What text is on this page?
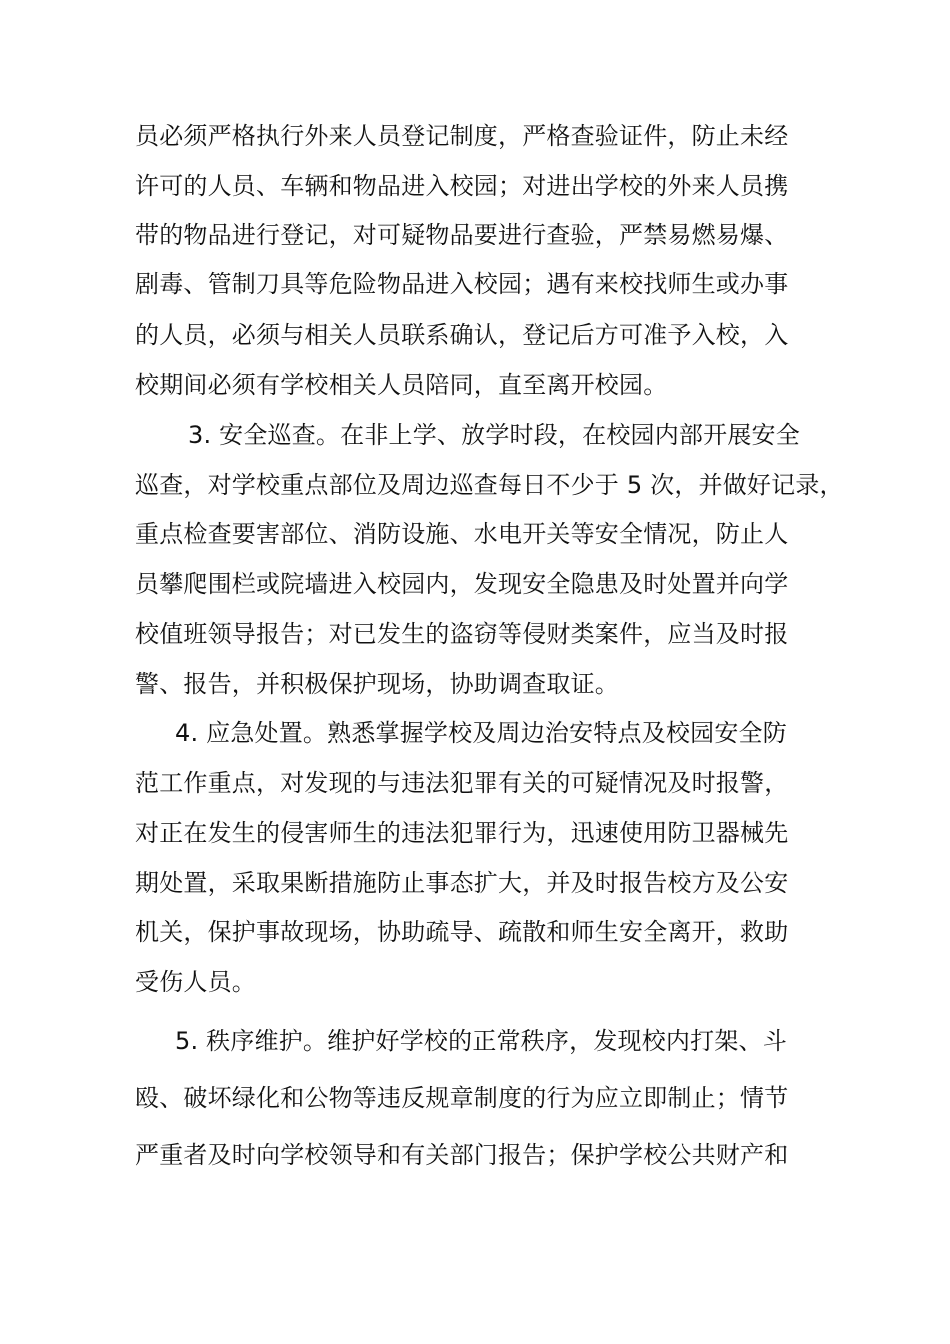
员必须严格执行外来人员登记制度，严格查验证件，防止未经
许可的人员、车辆和物品进入校园；对进出学校的外来人员携
带的物品进行登记，对可疑物品要进行查验，严禁易燃易爆、
剧毒、管制刀具等危险物品进入校园；遇有来校找师生或办事
的人员，必须与相关人员联系确认，登记后方可准予入校，入
校期间必须有学校相关人员陪同，直至离开校园。
3. 安全巡查。在非上学、放学时段，在校园内部开展安全
巡查，对学校重点部位及周边巡查每日不少于 5 次，并做好记录，
重点检查要害部位、消防设施、水电开关等安全情况，防止人
员攀爬围栏或院墙进入校园内，发现安全隐患及时处置并向学
校值班领导报告；对已发生的盗窃等侵财类案件，应当及时报
警、报告，并积极保护现场，协助调查取证。
4. 应急处置。熟悉掌握学校及周边治安特点及校园安全防
范工作重点，对发现的与违法犯罪有关的可疑情况及时报警，
对正在发生的侵害师生的违法犯罪行为，迅速使用防卫器械先
期处置，采取果断措施防止事态扩大，并及时报告校方及公安
机关，保护事故现场，协助疏导、疏散和师生安全离开，救助
受伤人员。
5. 秩序维护。维护好学校的正常秩序，发现校内打架、斗
殴、破坏绿化和公物等违反规章制度的行为应立即制止；情节
严重者及时向学校领导和有关部门报告；保护学校公共财产和
